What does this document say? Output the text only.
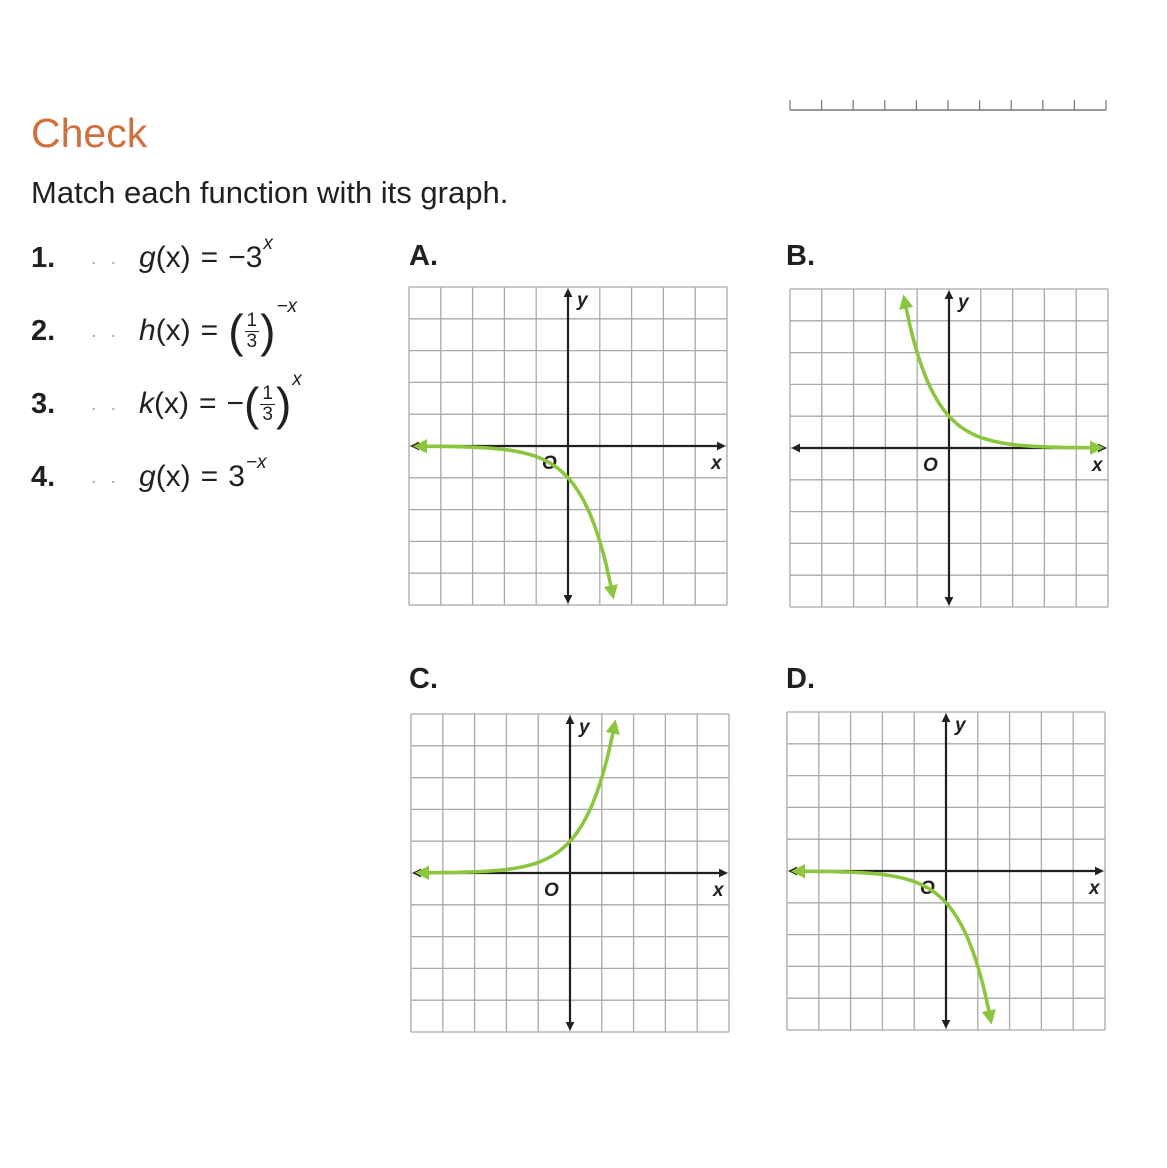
Check

Match each function with its graph.

1.	.. g (x) = −3 x
2.	.. h (x) = ( $\frac{1}{3}$ ) −x
3.	.. k (x) = − ( $\frac{1}{3}$ ) x
4.	.. g (x) = 3 −x
A.	B.
C.	D.
x
y
O	x
y
O
x
y
O	x
y
O
